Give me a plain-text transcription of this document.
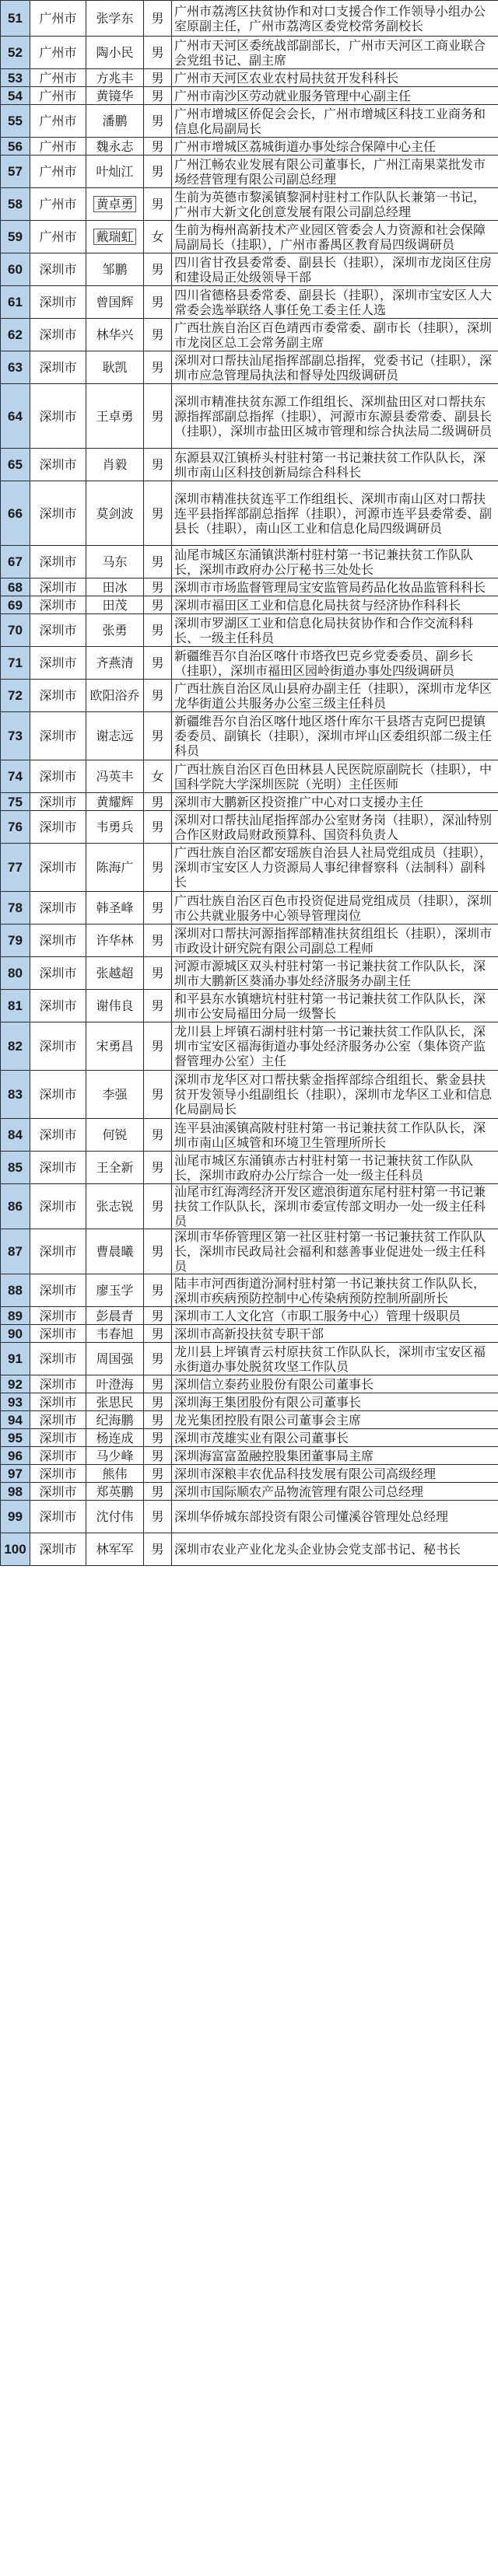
51	广州市	张学东	男	广州市荔湾区扶贫协作和对口支援合作工作领导小组办公室原副主任，广州市荔湾区委党校常务副校长
52	广州市	陶小民	男	广州市天河区委统战部副部长，广州市天河区工商业联合会党组书记、副主席
53	广州市	方兆丰	男	广州市天河区农业农村局扶贫开发科科长
54	广州市	黄镜华	男	广州市南沙区劳动就业服务管理中心副主任
55	广州市	潘鹏	男	广州市增城区侨促会会长，广州市增城区科技工业商务和信息化局副局长
56	广州市	魏永志	男	广州市增城区荔城街道办事处综合保障中心主任
57	广州市	叶灿江	男	广州江畅农业发展有限公司董事长，广州江南果菜批发市场经营管理有限公司副总经理
58	广州市	黄卓勇	男	生前为英德市黎溪镇黎洞村驻村工作队队长兼第一书记，广州市大新文化创意发展有限公司副总经理
59	广州市	戴瑞虹	女	生前为梅州高新技术产业园区管委会人力资源和社会保障局副局长（挂职），广州市番禺区教育局四级调研员
60	深圳市	邹鹏	男	四川省甘孜县委常委、副县长（挂职），深圳市龙岗区住房和建设局正处级领导干部
61	深圳市	曾国辉	男	四川省德格县委常委、副县长（挂职），深圳市宝安区人大常委会选举联络人事任免工委主任人选
62	深圳市	林华兴	男	广西壮族自治区百色靖西市委常委、副市长（挂职），深圳市龙岗区总工会常务副主席
63	深圳市	耿凯	男	深圳对口帮扶汕尾指挥部副总指挥，党委书记（挂职），深圳市应急管理局执法和督导处四级调研员
64	深圳市	王卓勇	男	深圳市精准扶贫东源工作组组长、深圳盐田区对口帮扶东源指挥部副总指挥（挂职），河源市东源县委常委、副县长（挂职），深圳市盐田区城市管理和综合执法局二级调研员
65	深圳市	肖毅	男	东源县双江镇桥头村驻村第一书记兼扶贫工作队队长，深圳市南山区科技创新局综合科科长
66	深圳市	莫剑波	男	深圳市精准扶贫连平工作组组长、深圳市南山区对口帮扶连平县指挥部副总指挥（挂职），河源市连平县委常委、副县长（挂职），南山区工业和信息化局四级调研员
67	深圳市	马东	男	汕尾市城区东涌镇洪渐村驻村第一书记兼扶贫工作队队长，深圳市政府办公厅秘书三处处长
68	深圳市	田冰	男	深圳市市场监督管理局宝安监管局药品化妆品监管科科长
69	深圳市	田茂	男	深圳市福田区工业和信息化局扶贫与经济协作科科长
70	深圳市	张勇	男	深圳市罗湖区工业和信息化局扶贫协作和合作交流科科长、一级主任科员
71	深圳市	齐燕清	男	新疆维吾尔自治区喀什市塔孜巴克乡党委委员、副乡长（挂职），深圳市福田区园岭街道办事处四级调研员
72	深圳市	欧阳浴乔	男	广西壮族自治区凤山县府办副主任（挂职），深圳市龙华区龙华街道公共服务办公室三级主任科员
73	深圳市	谢志远	男	新疆维吾尔自治区喀什地区塔什库尔干县塔吉克阿巴提镇委委员、副镇长（挂职），深圳市坪山区委组织部二级主任科员
74	深圳市	冯英丰	女	广西壮族自治区百色田林县人民医院原副院长（挂职），中国科学院大学深圳医院（光明）主任医师
75	深圳市	黄耀辉	男	深圳市大鹏新区投资推广中心对口支援办主任
76	深圳市	韦勇兵	男	深圳对口帮扶汕尾指挥部办公室财务岗（挂职），深汕特别合作区财政局财政预算科、国资科负责人
77	深圳市	陈海广	男	广西壮族自治区都安瑶族自治县人社局党组成员（挂职），深圳市宝安区人力资源局人事纪律督察科（法制科）副科长
78	深圳市	韩圣峰	男	广西壮族自治区百色市投资促进局党组成员（挂职），深圳市公共就业服务中心领导管理岗位
79	深圳市	许华林	男	深圳对口帮扶河源指挥部精准扶贫组组长（挂职），深圳市市政设计研究院有限公司副总工程师
80	深圳市	张越超	男	河源市源城区双头村驻村第一书记兼扶贫工作队队长，深圳市大鹏新区葵涌办事处经济服务办副主任
81	深圳市	谢伟良	男	和平县东水镇塘坑村驻村第一书记兼扶贫工作队队长，深圳市公安局福田分局一级警长
82	深圳市	宋勇昌	男	龙川县上坪镇石湖村驻村第一书记兼扶贫工作队队长，深圳市宝安区福海街道办事处经济服务办公室（集体资产监督管理办公室）主任
83	深圳市	李强	男	深圳市龙华区对口帮扶紫金指挥部综合组组长、紫金县扶贫开发领导小组副组长（挂职），深圳市龙华区工业和信息化局副局长
84	深圳市	何锐	男	连平县油溪镇高陂村驻村第一书记兼扶贫工作队队长，深圳市南山区城管和环境卫生管理所所长
85	深圳市	王全新	男	汕尾市城区东涌镇赤古村驻村第一书记兼扶贫工作队队长，深圳市政府办公厅综合一处一级主任科员
86	深圳市	张志锐	男	汕尾市红海湾经济开发区遮浪街道东尾村驻村第一书记兼扶贫工作队队长，深圳市委宣传部文明办一处一级主任科员
87	深圳市	曹晨曦	男	深圳市华侨管理区第一社区驻村第一书记兼扶贫工作队队长，深圳市民政局社会福利和慈善事业促进处一级主任科员
88	深圳市	廖玉学	男	陆丰市河西街道汾洞村驻村第一书记兼扶贫工作队队长，深圳市疾病预防控制中心传染病预防控制所副所长
89	深圳市	彭晨青	男	深圳市工人文化宫（市职工服务中心）管理十级职员
90	深圳市	韦春旭	男	深圳市高新投扶贫专职干部
91	深圳市	周国强	男	龙川县上坪镇青云村原扶贫工作队队长，深圳市宝安区福永街道办事处脱贫攻坚工作队员
92	深圳市	叶澄海	男	深圳信立泰药业股份有限公司董事长
93	深圳市	张思民	男	深圳海王集团股份有限公司董事长
94	深圳市	纪海鹏	男	龙光集团控股有限公司董事会主席
95	深圳市	杨连成	男	深圳市茂雄实业有限公司董事长
96	深圳市	马少峰	男	深圳海富富盈融控股集团董事局主席
97	深圳市	熊伟	男	深圳市深粮丰农优品科技发展有限公司高级经理
98	深圳市	郑英鹏	男	深圳市国际顺农产品物流管理有限公司总经理
99	深圳市	沈付伟	男	深圳华侨城东部投资有限公司懂溪谷管理处总经理
100	深圳市	林军军	男	深圳市农业产业化龙头企业协会党支部书记、秘书长
